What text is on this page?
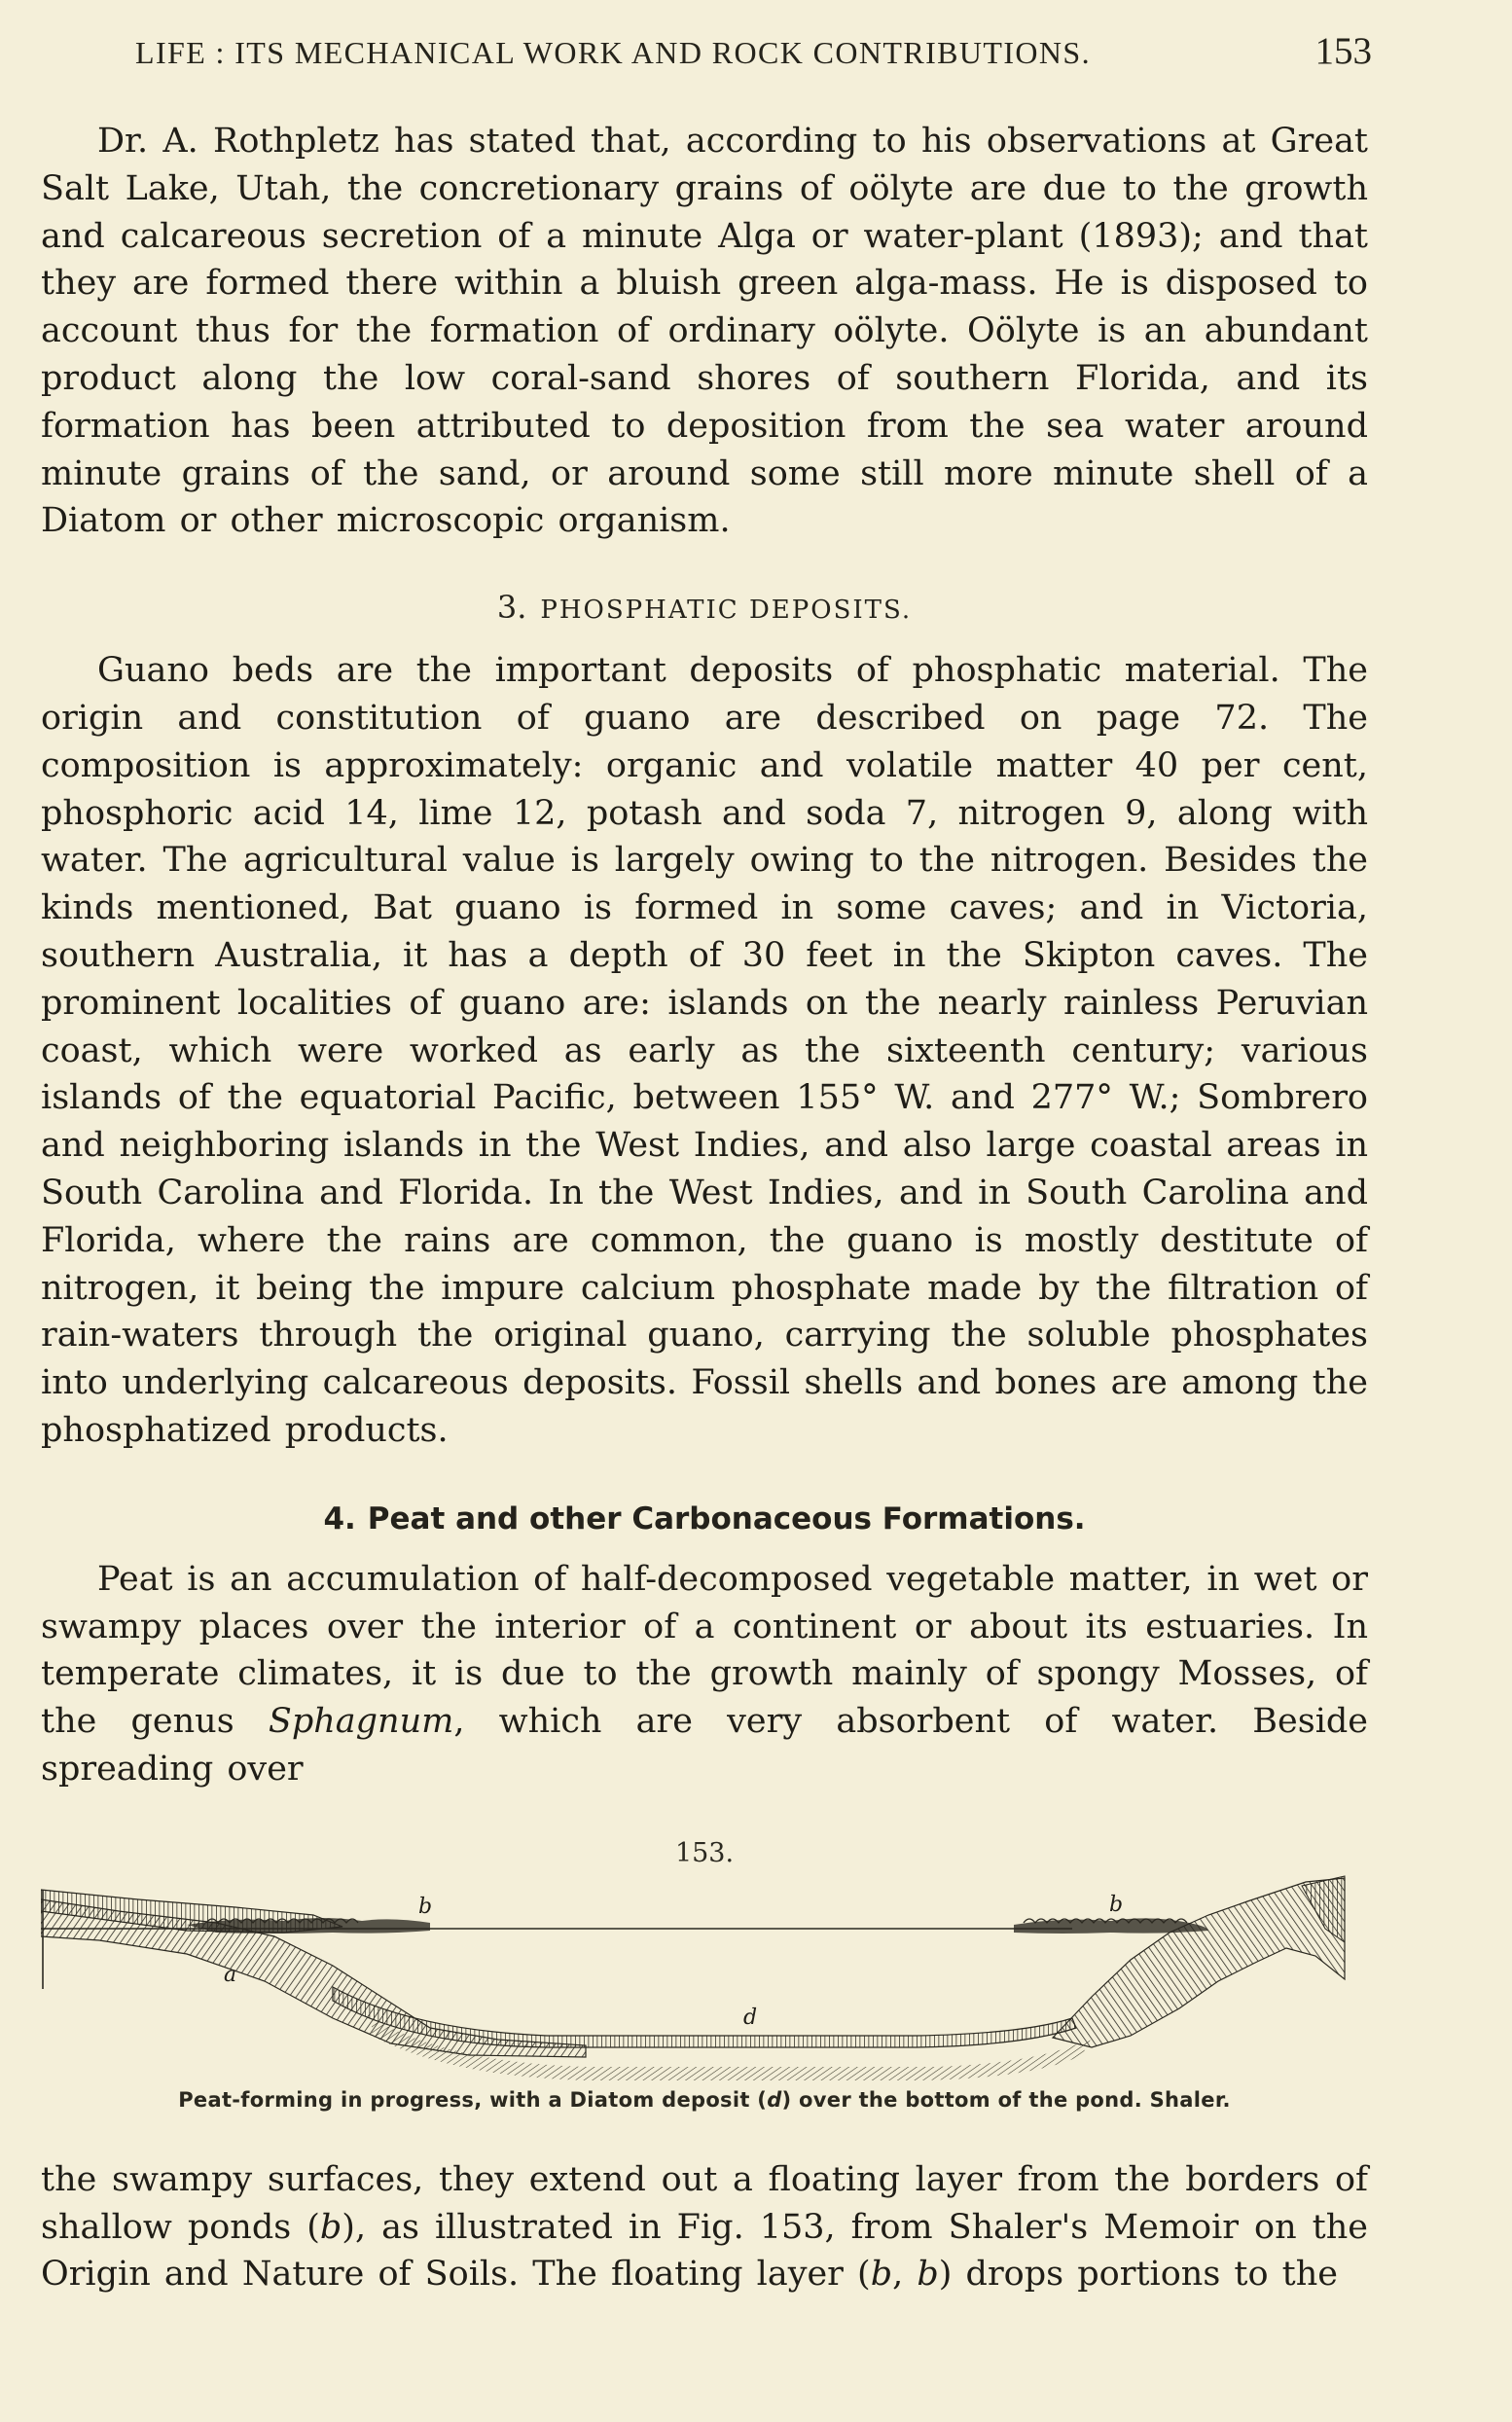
LIFE : ITS MECHANICAL WORK AND ROCK CONTRIBUTIONS.	153

Dr. A. Rothpletz has stated that, according to his observations at Great Salt Lake, Utah, the concretionary grains of oölyte are due to the growth and calcareous secretion of a minute Alga or water-plant (1893); and that they are formed there within a bluish green alga-mass. He is disposed to account thus for the formation of ordinary oölyte. Oölyte is an abundant product along the low coral-sand shores of southern Florida, and its formation has been attributed to deposition from the sea water around minute grains of the sand, or around some still more minute shell of a Diatom or other microscopic organism.

3. PHOSPHATIC DEPOSITS.

Guano beds are the important deposits of phosphatic material. The origin and constitution of guano are described on page 72. The composition is approximately: organic and volatile matter 40 per cent, phosphoric acid 14, lime 12, potash and soda 7, nitrogen 9, along with water. The agricultural value is largely owing to the nitrogen. Besides the kinds mentioned, Bat guano is formed in some caves; and in Victoria, southern Australia, it has a depth of 30 feet in the Skipton caves. The prominent localities of guano are: islands on the nearly rainless Peruvian coast, which were worked as early as the sixteenth century; various islands of the equatorial Pacific, between 155° W. and 277° W.; Sombrero and neighboring islands in the West Indies, and also large coastal areas in South Carolina and Florida. In the West Indies, and in South Carolina and Florida, where the rains are common, the guano is mostly destitute of nitrogen, it being the impure calcium phosphate made by the filtration of rain-waters through the original guano, carrying the soluble phosphates into underlying calcareous deposits. Fossil shells and bones are among the phosphatized products.

4. Peat and other Carbonaceous Formations.

Peat is an accumulation of half-decomposed vegetable matter, in wet or swampy places over the interior of a continent or about its estuaries. In temperate climates, it is due to the growth mainly of spongy Mosses, of the genus Sphagnum, which are very absorbent of water. Beside spreading over

153.
a
b	b
d
Peat-forming in progress, with a Diatom deposit (d) over the bottom of the pond. Shaler.

the swampy surfaces, they extend out a floating layer from the borders of shallow ponds (b), as illustrated in Fig. 153, from Shaler's Memoir on the Origin and Nature of Soils. The floating layer (b, b) drops portions to the
